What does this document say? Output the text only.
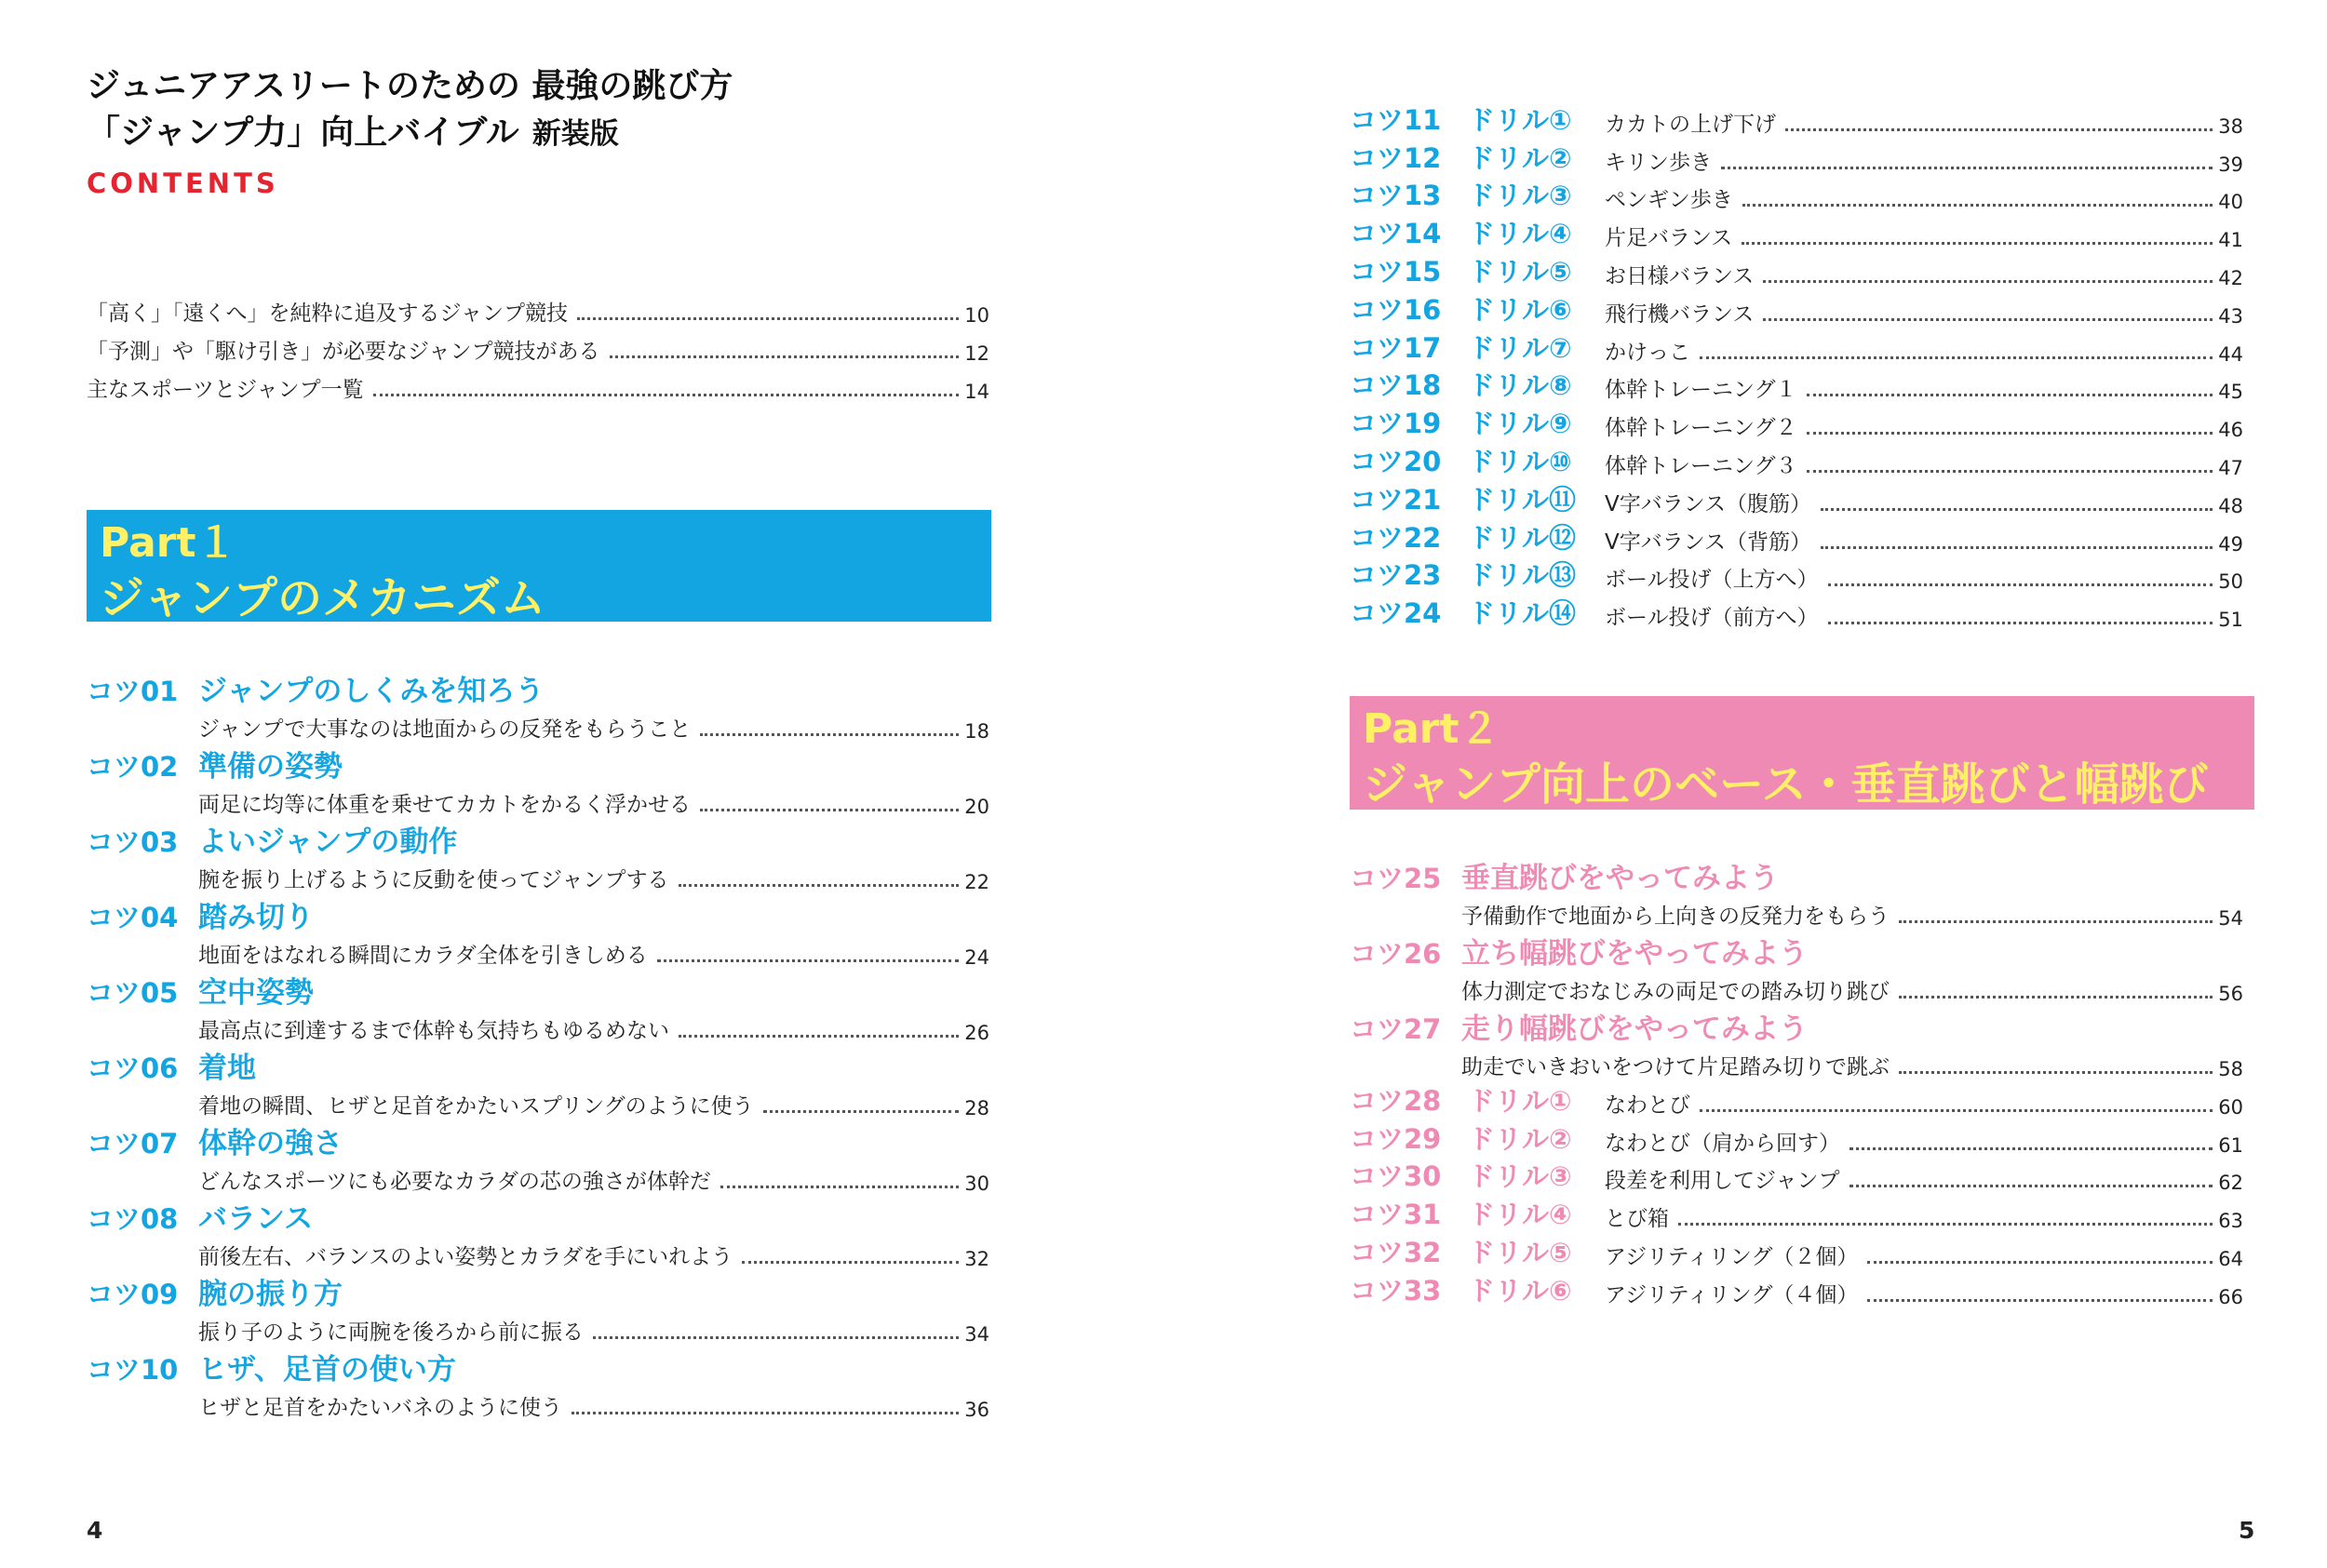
ジュニアアスリートのための 最強の跳び方
「ジャンプ力」向上バイブル 新装版
CONTENTS
「高く」「遠くへ」を純粋に追及するジャンプ競技	10
「予測」や「駆け引き」が必要なジャンプ競技がある	12
主なスポーツとジャンプ一覧	14
Part１
ジャンプのメカニズム
コツ01 ジャンプのしくみを知ろう
ジャンプで大事なのは地面からの反発をもらうこと	18
コツ02 準備の姿勢
両足に均等に体重を乗せてカカトをかるく浮かせる	20
コツ03 よいジャンプの動作
腕を振り上げるように反動を使ってジャンプする	22
コツ04 踏み切り
地面をはなれる瞬間にカラダ全体を引きしめる	24
コツ05 空中姿勢
最高点に到達するまで体幹も気持ちもゆるめない	26
コツ06 着地
着地の瞬間、ヒザと足首をかたいスプリングのように使う	28
コツ07 体幹の強さ
どんなスポーツにも必要なカラダの芯の強さが体幹だ	30
コツ08 バランス
前後左右、バランスのよい姿勢とカラダを手にいれよう	32
コツ09 腕の振り方
振り子のように両腕を後ろから前に振る	34
コツ10 ヒザ、足首の使い方
ヒザと足首をかたいバネのように使う	36
4
コツ11 ドリル①	カカトの上げ下げ	38
コツ12 ドリル②	キリン歩き	39
コツ13 ドリル③	ペンギン歩き	40
コツ14 ドリル④	片足バランス	41
コツ15 ドリル⑤	お日様バランス	42
コツ16 ドリル⑥	飛行機バランス	43
コツ17 ドリル⑦	かけっこ	44
コツ18 ドリル⑧	体幹トレーニング１	45
コツ19 ドリル⑨	体幹トレーニング２	46
コツ20 ドリル⑩	体幹トレーニング３	47
コツ21 ドリル⑪	V字バランス（腹筋）	48
コツ22 ドリル⑫	V字バランス（背筋）	49
コツ23 ドリル⑬	ボール投げ（上方へ）	50
コツ24 ドリル⑭	ボール投げ（前方へ）	51
Part２
ジャンプ向上のベース・垂直跳びと幅跳び
コツ25 垂直跳びをやってみよう
予備動作で地面から上向きの反発力をもらう	54
コツ26 立ち幅跳びをやってみよう
体力測定でおなじみの両足での踏み切り跳び	56
コツ27 走り幅跳びをやってみよう
助走でいきおいをつけて片足踏み切りで跳ぶ	58
コツ28 ドリル①	なわとび	60
コツ29 ドリル②	なわとび（肩から回す）	61
コツ30 ドリル③	段差を利用してジャンプ	62
コツ31 ドリル④	とび箱	63
コツ32 ドリル⑤	アジリティリング（２個）	64
コツ33 ドリル⑥	アジリティリング（４個）	66
5
